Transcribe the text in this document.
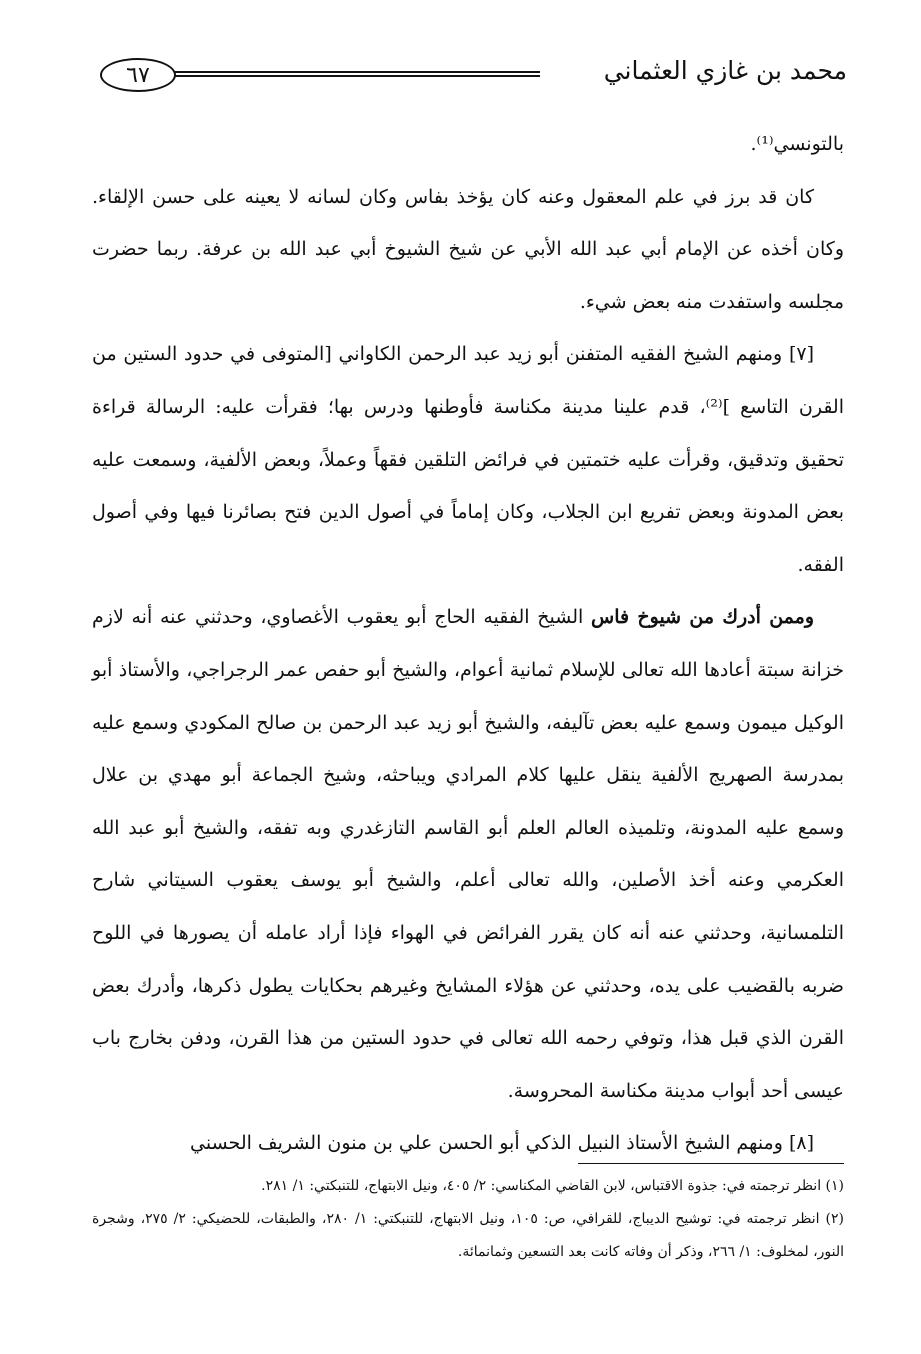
٦٧	محمد بن غازي العثماني

بالتونسي⁽¹⁾.

كان قد برز في علم المعقول وعنه كان يؤخذ بفاس وكان لسانه لا يعينه على حسن الإلقاء. وكان أخذه عن الإمام أبي عبد الله الأبي عن شيخ الشيوخ أبي عبد الله بن عرفة. ربما حضرت مجلسه واستفدت منه بعض شيء.

[٧] ومنهم الشيخ الفقيه المتفنن أبو زيد عبد الرحمن الكاواني [المتوفى في حدود الستين من القرن التاسع ]⁽²⁾، قدم علينا مدينة مكناسة فأوطنها ودرس بها؛ فقرأت عليه: الرسالة قراءة تحقيق وتدقيق، وقرأت عليه ختمتين في فرائض التلقين فقهاً وعملاً، وبعض الألفية، وسمعت عليه بعض المدونة وبعض تفريع ابن الجلاب، وكان إماماً في أصول الدين فتح بصائرنا فيها وفي أصول الفقه.

وممن أدرك من شيوخ فاس الشيخ الفقيه الحاج أبو يعقوب الأغصاوي، وحدثني عنه أنه لازم خزانة سبتة أعادها الله تعالى للإسلام ثمانية أعوام، والشيخ أبو حفص عمر الرجراجي، والأستاذ أبو الوكيل ميمون وسمع عليه بعض تآليفه، والشيخ أبو زيد عبد الرحمن بن صالح المكودي وسمع عليه بمدرسة الصهريج الألفية ينقل عليها كلام المرادي ويباحثه، وشيخ الجماعة أبو مهدي بن علال وسمع عليه المدونة، وتلميذه العالم العلم أبو القاسم التازغدري وبه تفقه، والشيخ أبو عبد الله العكرمي وعنه أخذ الأصلين، والله تعالى أعلم، والشيخ أبو يوسف يعقوب السيتاني شارح التلمسانية، وحدثني عنه أنه كان يقرر الفرائض في الهواء فإذا أراد عامله أن يصورها في اللوح ضربه بالقضيب على يده، وحدثني عن هؤلاء المشايخ وغيرهم بحكايات يطول ذكرها، وأدرك بعض القرن الذي قبل هذا، وتوفي رحمه الله تعالى في حدود الستين من هذا القرن، ودفن بخارج باب عيسى أحد أبواب مدينة مكناسة المحروسة.

[٨] ومنهم الشيخ الأستاذ النبيل الذكي أبو الحسن علي بن منون الشريف الحسني

(١) انظر ترجمته في: جذوة الاقتباس، لابن القاضي المكناسي: ٢/ ٤٠٥، ونيل الابتهاج، للتنبكتي: ١/ ٢٨١.

(٢) انظر ترجمته في: توشيح الديباج، للقرافي، ص: ١٠٥، ونيل الابتهاج، للتنبكتي: ١/ ٢٨٠، والطبقات، للحضيكي: ٢/ ٢٧٥، وشجرة النور، لمخلوف: ١/ ٢٦٦، وذكر أن وفاته كانت بعد التسعين وثمانمائة.
